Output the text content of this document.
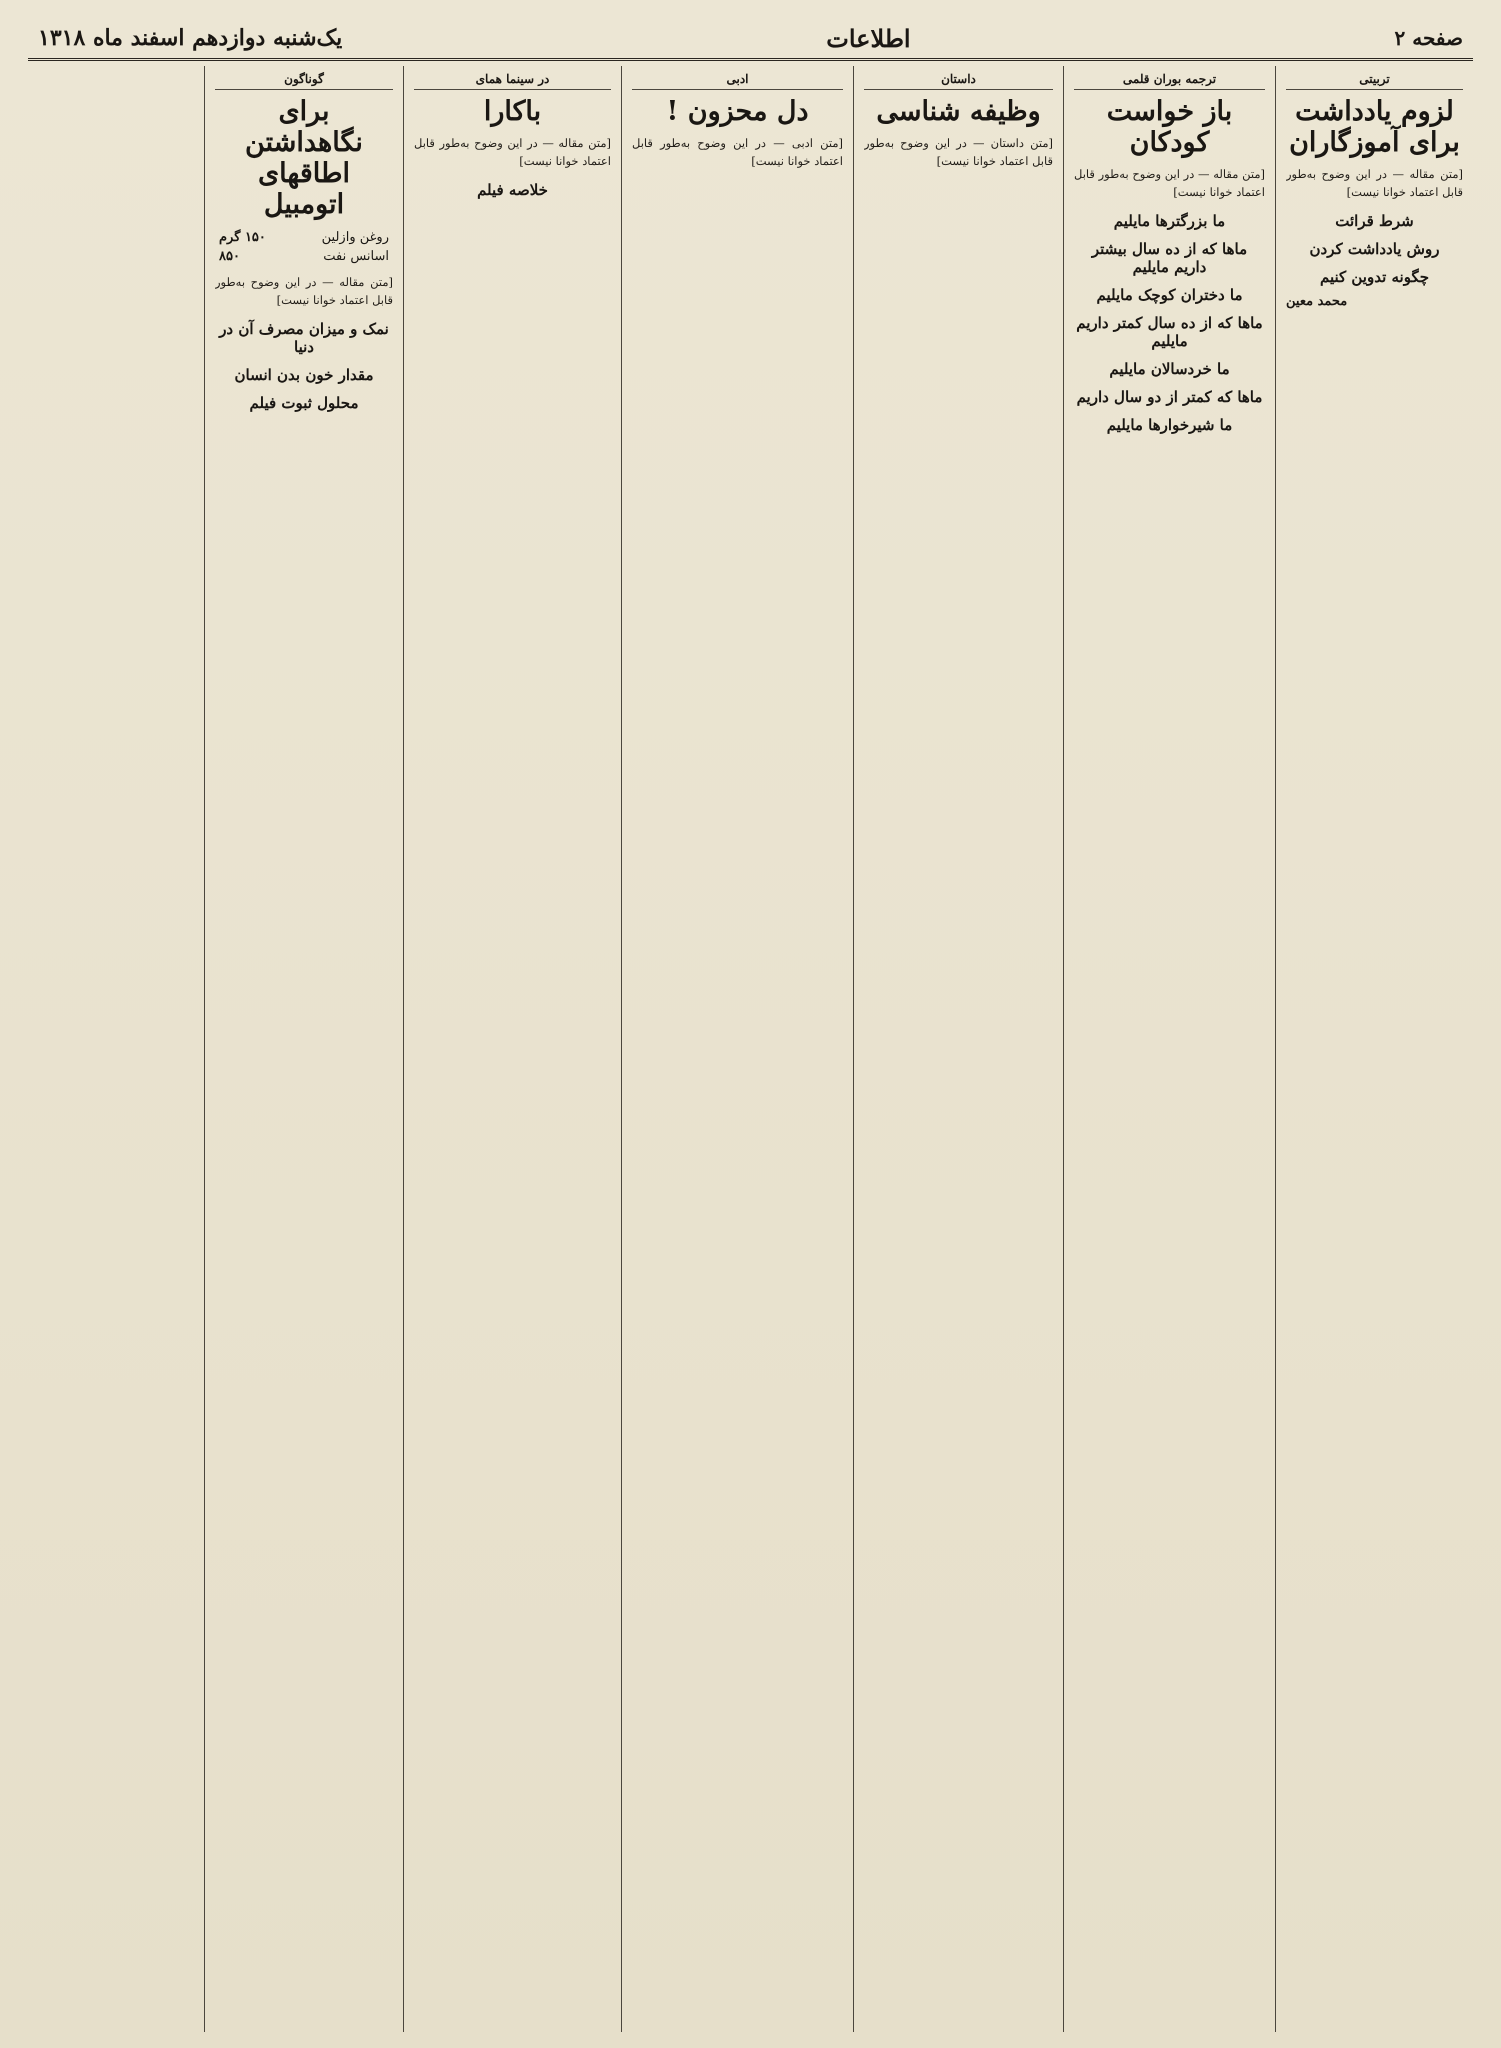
صفحه ۲
اطلاعات
یک‌شنبه دوازدهم اسفند ماه ۱۳۱۸
تربیتی
لزوم یادداشت برای آموزگاران
[متن مقاله — در این وضوح به‌طور قابل اعتماد خوانا نیست]
شرط قرائت
روش یادداشت کردن
چگونه تدوین کنیم
محمد معین
ترجمه بوران قلمی
باز خواست کودکان
[متن مقاله — در این وضوح به‌طور قابل اعتماد خوانا نیست]
ما بزرگترها مایلیم
ماها که از ده سال بیشتر داریم مایلیم
ما دختران کوچک مایلیم
ماها که از ده سال کمتر داریم مایلیم
ما خردسالان مایلیم
ماها که کمتر از دو سال داریم
ما شیرخوارها مایلیم
داستان
وظیفه شناسی
[متن داستان — در این وضوح به‌طور قابل اعتماد خوانا نیست]
ادبی
دل محزون !
[متن ادبی — در این وضوح به‌طور قابل اعتماد خوانا نیست]
در سینما همای
باکارا
[متن مقاله — در این وضوح به‌طور قابل اعتماد خوانا نیست]
خلاصه فیلم
گوناگون
برای نگاهداشتن اطاقهای اتومبیل
روغن وازلین	۱۵۰ گرم
اسانس نفت	۸۵۰
[متن مقاله — در این وضوح به‌طور قابل اعتماد خوانا نیست]
نمک و میزان مصرف آن در دنیا
مقدار خون بدن انسان
محلول ثبوت فیلم
